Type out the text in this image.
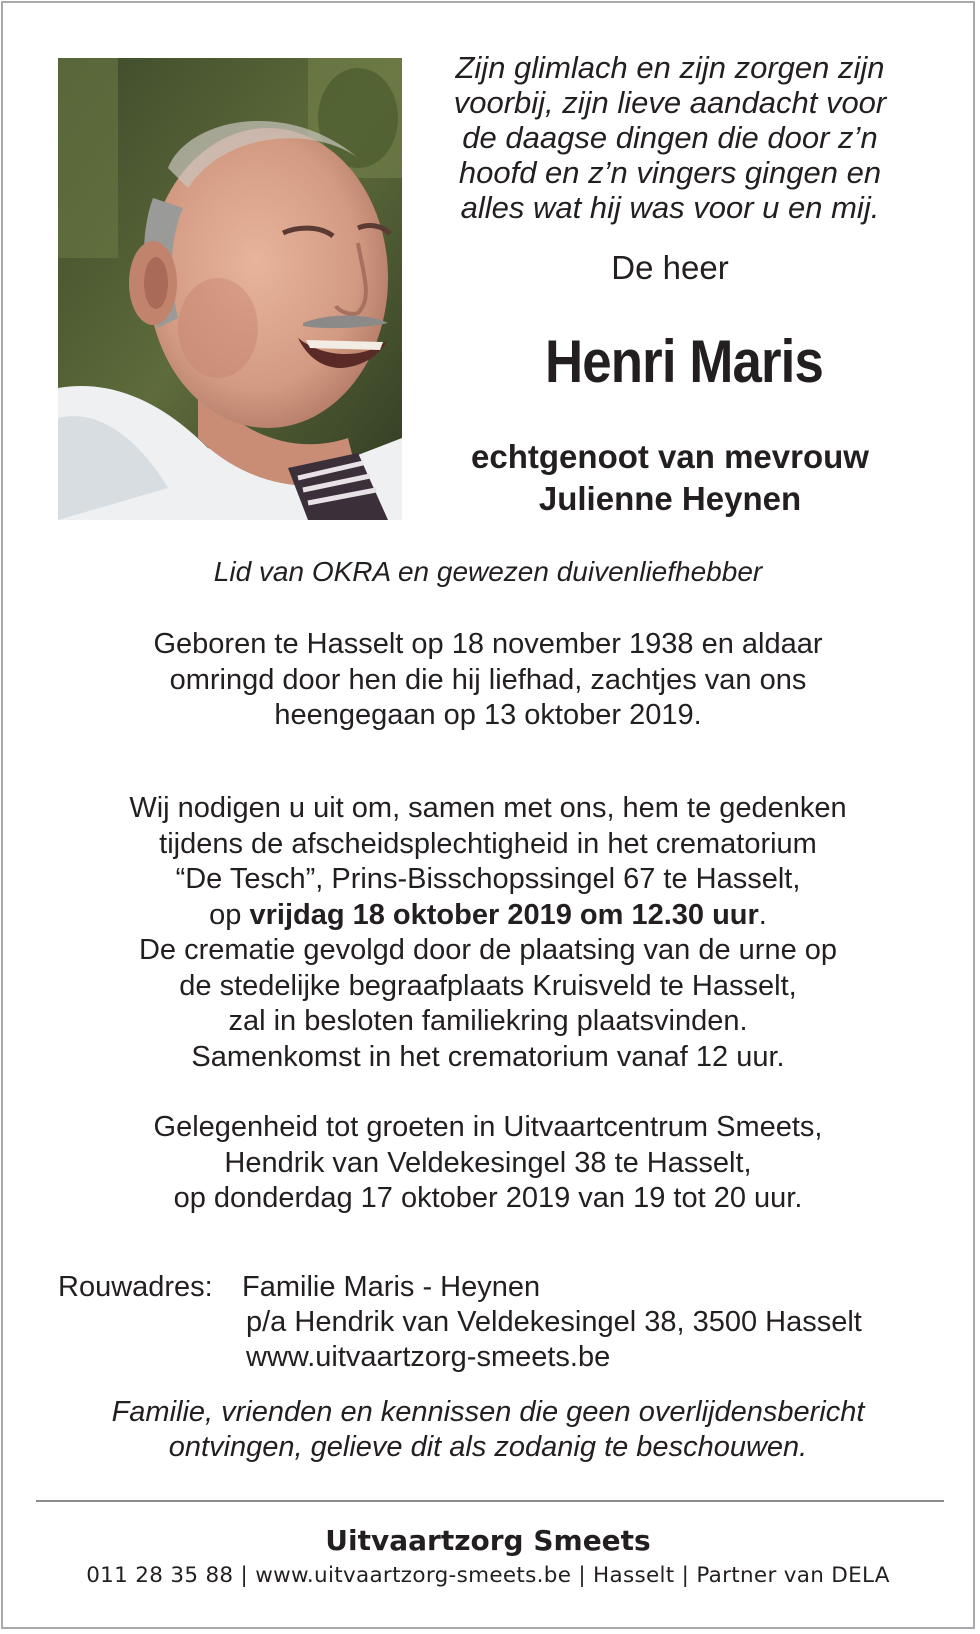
Zijn glimlach en zijn zorgen zijn
voorbij, zijn lieve aandacht voor
de daagse dingen die door z’n
hoofd en z’n vingers gingen en
alles wat hij was voor u en mij.
De heer
Henri Maris
echtgenoot van mevrouw
Julienne Heynen
Lid van OKRA en gewezen duivenliefhebber
Geboren te Hasselt op 18 november 1938 en aldaar
omringd door hen die hij liefhad, zachtjes van ons
heengegaan op 13 oktober 2019.
Wij nodigen u uit om, samen met ons, hem te gedenken
tijdens de afscheidsplechtigheid in het crematorium
“De Tesch”, Prins-Bisschopssingel 67 te Hasselt,
op vrijdag 18 oktober 2019 om 12.30 uur.
De crematie gevolgd door de plaatsing van de urne op
de stedelijke begraafplaats Kruisveld te Hasselt,
zal in besloten familiekring plaatsvinden.
Samenkomst in het crematorium vanaf 12 uur.
Gelegenheid tot groeten in Uitvaartcentrum Smeets,
Hendrik van Veldekesingel 38 te Hasselt,
op donderdag 17 oktober 2019 van 19 tot 20 uur.
Rouwadres: Familie Maris - Heynen
p/a Hendrik van Veldekesingel 38, 3500 Hasselt
www.uitvaartzorg-smeets.be
Familie, vrienden en kennissen die geen overlijdensbericht
ontvingen, gelieve dit als zodanig te beschouwen.
Uitvaartzorg Smeets
011 28 35 88 | www.uitvaartzorg-smeets.be | Hasselt | Partner van DELA
